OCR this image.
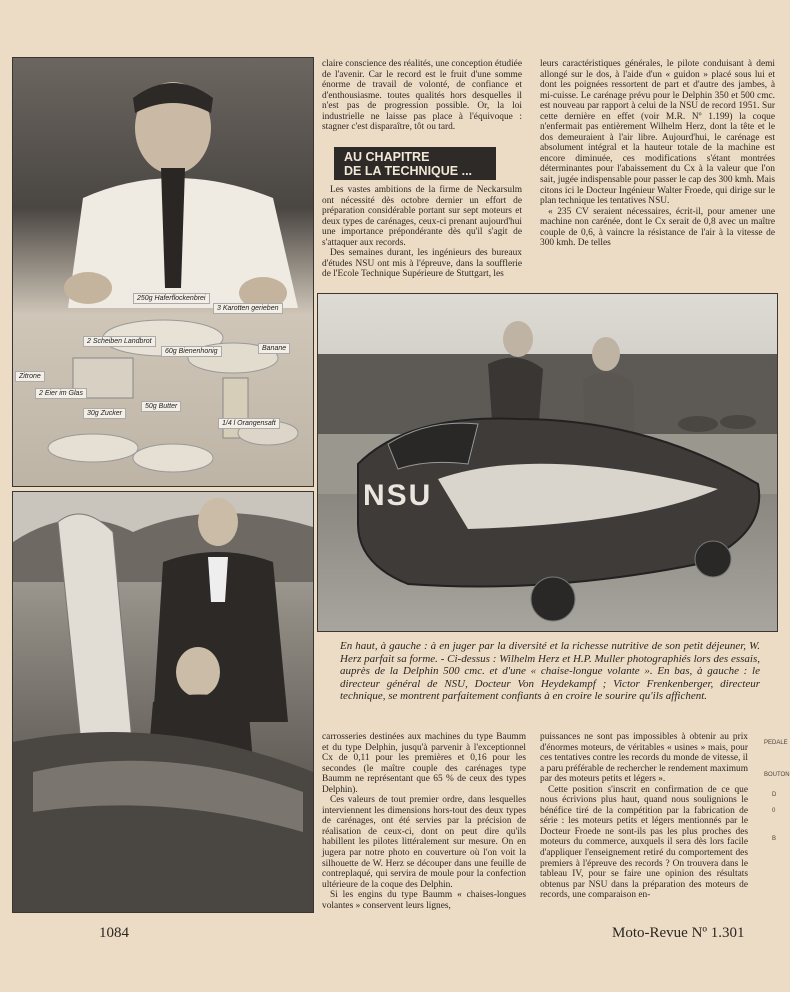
250g Haferflockenbrei
3 Karotten gerieben
Banane
2 Scheiben Landbrot
60g Bienenhonig
2 Eier im Glas
30g Zucker
50g Butter
Zitrone
1/4 l Orangensaft
NSU

claire conscience des réalités, une conception étudiée de l'avenir. Car le record est le fruit d'une somme énorme de travail de volonté, de confiance et d'enthousiasme. toutes qualités hors desquelles il n'est pas de progression possible. Or, la loi industrielle ne laisse pas place à l'équivoque : stagner c'est disparaître, tôt ou tard.

AU CHAPITRE
DE LA TECHNIQUE ...

Les vastes ambitions de la firme de Neckarsulm ont nécessité dès octobre dernier un effort de préparation considérable portant sur sept moteurs et deux types de carénages, ceux-ci prenant aujourd'hui une importance prépondérante dès qu'il s'agit de s'attaquer aux records.

Des semaines durant, les ingénieurs des bureaux d'études NSU ont mis à l'épreuve, dans la soufflerie de l'Ecole Technique Supérieure de Stuttgart, les

leurs caractéristiques générales, le pilote conduisant à demi allongé sur le dos, à l'aide d'un « guidon » placé sous lui et dont les poignées ressortent de part et d'autre des jambes, à mi-cuisse. Le carénage prévu pour le Delphin 350 et 500 cmc. est nouveau par rapport à celui de la NSU de record 1951. Sur cette dernière en effet (voir M.R. Nº 1.199) la coque n'enfermait pas entièrement Wilhelm Herz, dont la tête et le dos demeuraient à l'air libre. Aujourd'hui, le carénage est absolument intégral et la hauteur totale de la machine est encore diminuée, ces modifications s'étant montrées déterminantes pour l'abaissement du Cx à la valeur que l'on sait, jugée indispensable pour passer le cap des 300 kmh. Mais citons ici le Docteur Ingénieur Walter Froede, qui dirige sur le plan technique les tentatives NSU.

« 235 CV seraient nécessaires, écrit-il, pour amener une machine non carénée, dont le Cx serait de 0,8 avec un maître couple de 0,6, à vaincre la résistance de l'air à la vitesse de 300 kmh. De telles

En haut, à gauche : à en juger par la diversité et la richesse nutritive de son petit déjeuner, W. Herz parfait sa forme. - Ci-dessus : Wilhelm Herz et H.P. Muller photographiés lors des essais, auprès de la Delphin 500 cmc. et d'une « chaise-longue volante ». En bas, à gauche : le directeur général de NSU, Docteur Von Heydekampf ; Victor Frenkenberger, directeur technique, se montrent parfaitement confiants à en croire le sourire qu'ils affichent.

carrosseries destinées aux machines du type Baumm et du type Delphin, jusqu'à parvenir à l'exceptionnel Cx de 0,11 pour les premières et 0,16 pour les secondes (le maître couple des carénages type Baumm ne représentant que 65 % de ceux des types Delphin).

Ces valeurs de tout premier ordre, dans lesquelles interviennent les dimensions hors-tout des deux types de carénages, ont été servies par la précision de réalisation de ceux-ci, dont on peut dire qu'ils habillent les pilotes littéralement sur mesure. On en jugera par notre photo en couverture où l'on voit la silhouette de W. Herz se découper dans une feuille de contreplaqué, qui servira de moule pour la confection ultérieure de la coque des Delphin.

Si les engins du type Baumm « chaises-longues volantes » conservent leurs lignes,

puissances ne sont pas impossibles à obtenir au prix d'énormes moteurs, de véritables « usines » mais, pour ces tentatives contre les records du monde de vitesse, il a paru préférable de rechercher le rendement maximum par des moteurs petits et légers ».

Cette position s'inscrit en confirmation de ce que nous écrivions plus haut, quand nous soulignions le bénéfice tiré de la compétition par la fabrication de série : les moteurs petits et légers mentionnés par le Docteur Froede ne sont-ils pas les plus proches des moteurs du commerce, auxquels il sera dès lors facile d'appliquer l'enseignement retiré du comportement des premiers à l'épreuve des records ? On trouvera dans le tableau IV, pour se faire une opinion des résultats obtenus par NSU dans la préparation des moteurs de records, une comparaison en-

PEDALE
BOUTON
D
0
B
1084	Moto-Revue Nº 1.301
